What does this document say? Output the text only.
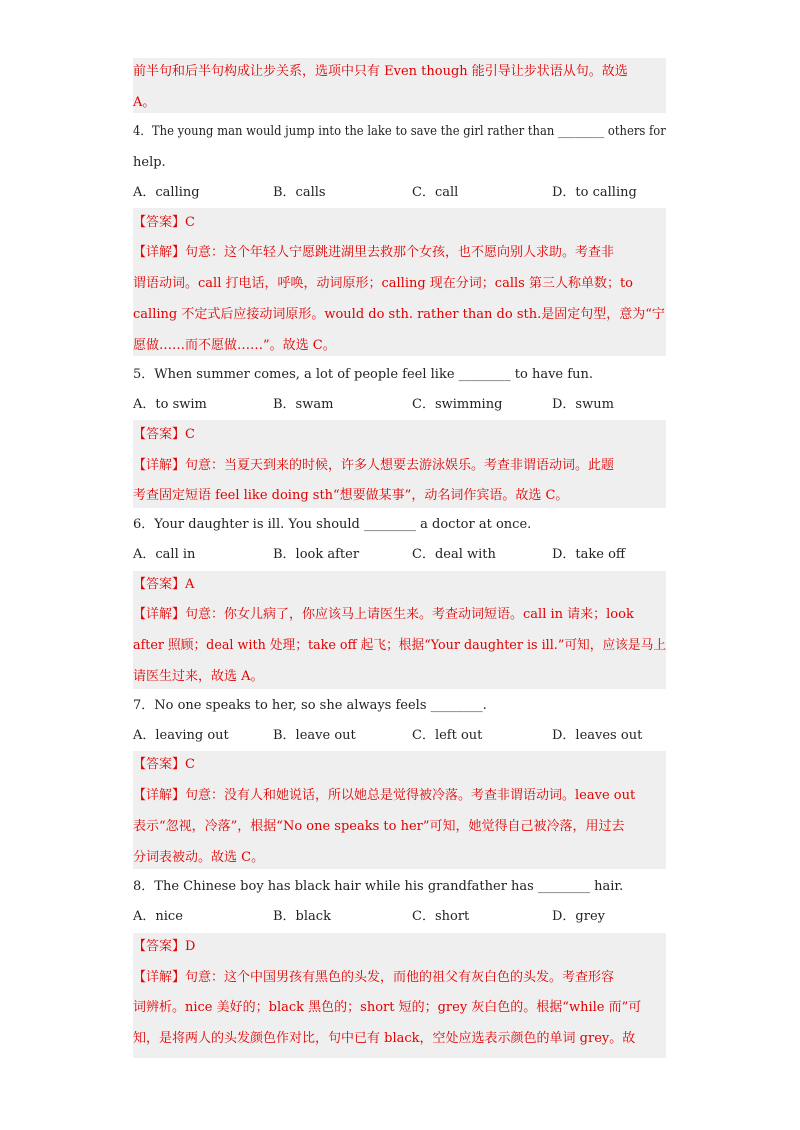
前半句和后半句构成让步关系，选项中只有 Even though 能引导让步状语从句。故选
A。
4．The young man would jump into the lake to save the girl rather than ________ others for
help.
A．calling	B．calls	C．call	D．to calling
【答案】C
【详解】句意：这个年轻人宁愿跳进湖里去救那个女孩，也不愿向别人求助。考查非
谓语动词。call 打电话，呼唤，动词原形；calling 现在分词；calls 第三人称单数；to
calling 不定式后应接动词原形。would do sth. rather than do sth.是固定句型，意为“宁
愿做……而不愿做……”。故选 C。
5．When summer comes, a lot of people feel like ________ to have fun.
A．to swim	B．swam	C．swimming	D．swum
【答案】C
【详解】句意：当夏天到来的时候，许多人想要去游泳娱乐。考查非谓语动词。此题
考查固定短语 feel like doing sth“想要做某事”，动名词作宾语。故选 C。
6．Your daughter is ill. You should ________ a doctor at once.
A．call in	B．look after	C．deal with	D．take off
【答案】A
【详解】句意：你女儿病了，你应该马上请医生来。考查动词短语。call in 请来；look
after 照顾；deal with 处理；take off 起飞；根据“Your daughter is ill.”可知，应该是马上
请医生过来，故选 A。
7．No one speaks to her, so she always feels ________.
A．leaving out	B．leave out	C．left out	D．leaves out
【答案】C
【详解】句意：没有人和她说话，所以她总是觉得被冷落。考查非谓语动词。leave out
表示“忽视，冷落”，根据“No one speaks to her”可知，她觉得自己被冷落，用过去
分词表被动。故选 C。
8．The Chinese boy has black hair while his grandfather has ________ hair.
A．nice	B．black	C．short	D．grey
【答案】D
【详解】句意：这个中国男孩有黑色的头发，而他的祖父有灰白色的头发。考查形容
词辨析。nice 美好的；black 黑色的；short 短的；grey 灰白色的。根据“while 而”可
知，是将两人的头发颜色作对比，句中已有 black，空处应选表示颜色的单词 grey。故
